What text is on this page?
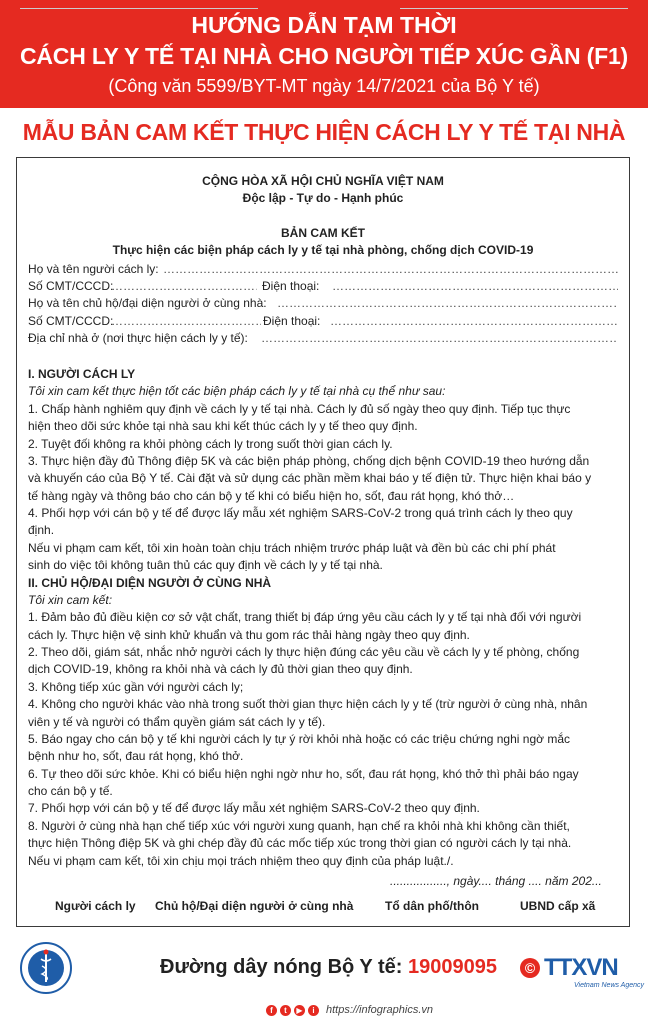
HƯỚNG DẪN TẠM THỜI
CÁCH LY Y TẾ TẠI NHÀ CHO NGƯỜI TIẾP XÚC GẦN (F1)
(Công văn 5599/BYT-MT ngày 14/7/2021 của Bộ Y tế)
MẪU BẢN CAM KẾT THỰC HIỆN CÁCH LY Y TẾ TẠI NHÀ
CỘNG HÒA XÃ HỘI CHỦ NGHĨA VIỆT NAM
Độc lập - Tự do - Hạnh phúc
BẢN CAM KẾT
Thực hiện các biện pháp cách ly y tế tại nhà phòng, chống dịch COVID-19
Họ và tên người cách ly:
……………………………………………………………………………………………………………………………………………………………
Số CMT/CCCD: ……………………………………………………………………………………………………………………………………………………………	Điện thoại:
……………………………………………………………………………………………………………………………………………………………
Họ và tên chủ hộ/đại diện người ở cùng nhà:
……………………………………………………………………………………………………………………………………………………………
Số CMT/CCCD: ……………………………………………………………………………………………………………………………………………………………	Điện thoại:
……………………………………………………………………………………………………………………………………………………………
Địa chỉ nhà ở (nơi thực hiện cách ly y tế):
……………………………………………………………………………………………………………………………………………………………
I. NGƯỜI CÁCH LY
Tôi xin cam kết thực hiện tốt các biện pháp cách ly y tế tại nhà cụ thể như sau:
1. Chấp hành nghiêm quy định về cách ly y tế tại nhà. Cách ly đủ số ngày theo quy định. Tiếp tục thực
hiện theo dõi sức khỏe tại nhà sau khi kết thúc cách ly y tế theo quy định.
2. Tuyệt đối không ra khỏi phòng cách ly trong suốt thời gian cách ly.
3. Thực hiện đầy đủ Thông điệp 5K và các biện pháp phòng, chống dịch bệnh COVID-19 theo hướng dẫn
và khuyến cáo của Bộ Y tế. Cài đặt và sử dụng các phần mềm khai báo y tế điện tử. Thực hiện khai báo y
tế hàng ngày và thông báo cho cán bộ y tế khi có biểu hiện ho, sốt, đau rát họng, khó thở…
4. Phối hợp với cán bộ y tế để được lấy mẫu xét nghiệm SARS-CoV-2 trong quá trình cách ly theo quy
định.
Nếu vi phạm cam kết, tôi xin hoàn toàn chịu trách nhiệm trước pháp luật và đền bù các chi phí phát
sinh do việc tôi không tuân thủ các quy định về cách ly y tế tại nhà.
II. CHỦ HỘ/ĐẠI DIỆN NGƯỜI Ở CÙNG NHÀ
Tôi xin cam kết:
1. Đảm bảo đủ điều kiện cơ sở vật chất, trang thiết bị đáp ứng yêu cầu cách ly y tế tại nhà đối với người
cách ly. Thực hiện vệ sinh khử khuẩn và thu gom rác thải hàng ngày theo quy định.
2. Theo dõi, giám sát, nhắc nhở người cách ly thực hiện đúng các yêu cầu về cách ly y tế phòng, chống
dịch COVID-19, không ra khỏi nhà và cách ly đủ thời gian theo quy định.
3. Không tiếp xúc gần với người cách ly;
4. Không cho người khác vào nhà trong suốt thời gian thực hiện cách ly y tế (trừ người ở cùng nhà, nhân
viên y tế và người có thẩm quyền giám sát cách ly y tế).
5. Báo ngay cho cán bộ y tế khi người cách ly tự ý rời khỏi nhà hoặc có các triệu chứng nghi ngờ mắc
bệnh như ho, sốt, đau rát họng, khó thở.
6. Tự theo dõi sức khỏe. Khi có biểu hiện nghi ngờ như ho, sốt, đau rát họng, khó thở thì phải báo ngay
cho cán bộ y tế.
7. Phối hợp với cán bộ y tế để được lấy mẫu xét nghiệm SARS-CoV-2 theo quy định.
8. Người ở cùng nhà hạn chế tiếp xúc với người xung quanh, hạn chế ra khỏi nhà khi không cần thiết,
thực hiện Thông điệp 5K và ghi chép đầy đủ các mốc tiếp xúc trong thời gian có người cách ly tại nhà.
Nếu vi phạm cam kết, tôi xin chịu mọi trách nhiệm theo quy định của pháp luật./.
................., ngày.... tháng .... năm 202...
Người cách ly Chủ hộ/Đại diện người ở cùng nhà	Tổ dân phố/thôn	UBND cấp xã
Đường dây nóng Bộ Y tế: 19009095	© TTXVN
Vietnam News Agency
f	t	▶	i	https://infographics.vn
